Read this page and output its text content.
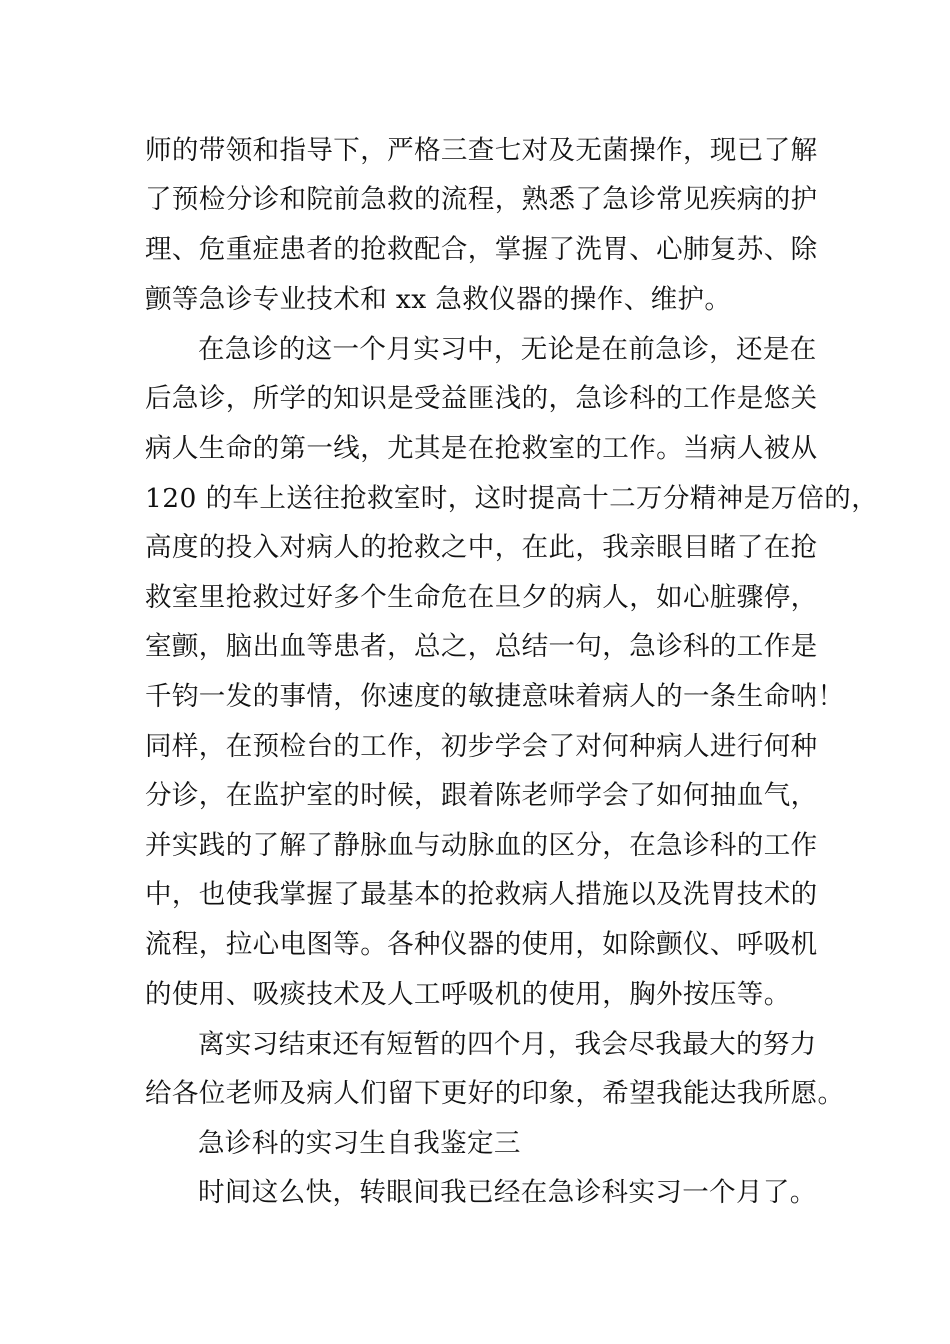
师的带领和指导下，严格三查七对及无菌操作，现已了解
了预检分诊和院前急救的流程，熟悉了急诊常见疾病的护
理、危重症患者的抢救配合，掌握了洗胃、心肺复苏、除
颤等急诊专业技术和 xx 急救仪器的操作、维护。
在急诊的这一个月实习中，无论是在前急诊，还是在
后急诊，所学的知识是受益匪浅的，急诊科的工作是悠关
病人生命的第一线，尤其是在抢救室的工作。当病人被从
120 的车上送往抢救室时，这时提高十二万分精神是万倍的，
高度的投入对病人的抢救之中，在此，我亲眼目睹了在抢
救室里抢救过好多个生命危在旦夕的病人，如心脏骤停，
室颤，脑出血等患者，总之，总结一句，急诊科的工作是
千钧一发的事情，你速度的敏捷意味着病人的一条生命呐！
同样，在预检台的工作，初步学会了对何种病人进行何种
分诊，在监护室的时候，跟着陈老师学会了如何抽血气，
并实践的了解了静脉血与动脉血的区分，在急诊科的工作
中，也使我掌握了最基本的抢救病人措施以及洗胃技术的
流程，拉心电图等。各种仪器的使用，如除颤仪、呼吸机
的使用、吸痰技术及人工呼吸机的使用，胸外按压等。
离实习结束还有短暂的四个月，我会尽我最大的努力
给各位老师及病人们留下更好的印象，希望我能达我所愿。
急诊科的实习生自我鉴定三
时间这么快，转眼间我已经在急诊科实习一个月了。
